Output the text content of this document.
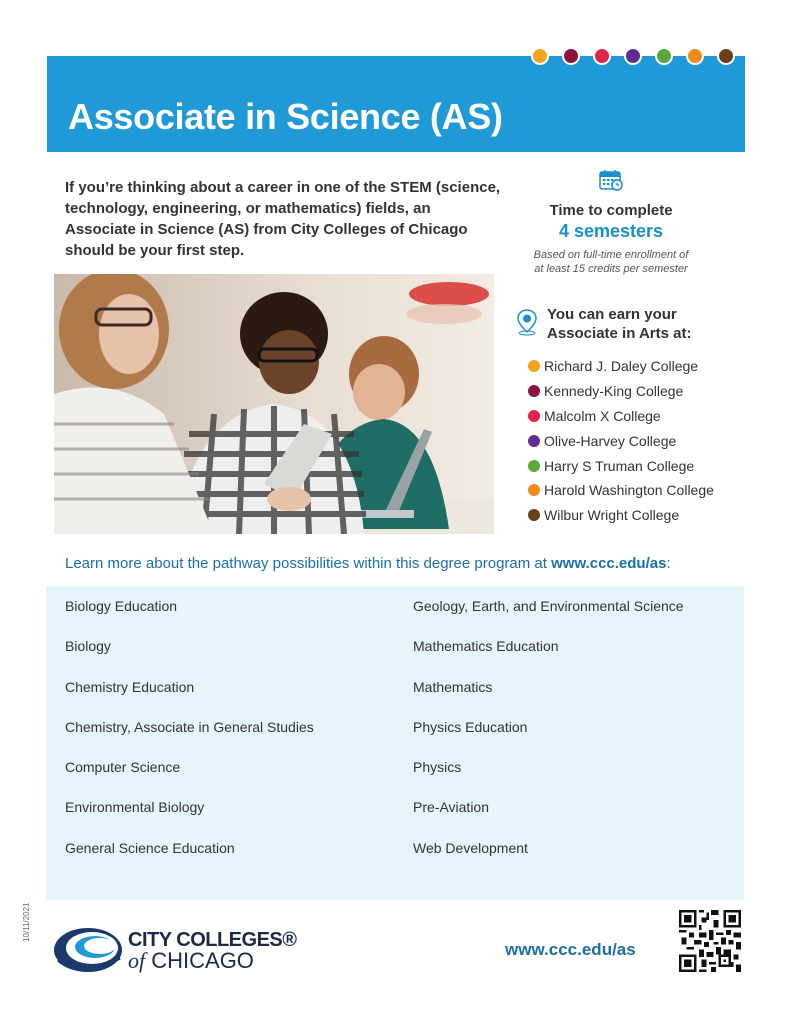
Associate in Science (AS)

If you’re thinking about a career in one of the STEM (science, technology, engineering, or mathematics) fields, an Associate in Science (AS) from City Colleges of Chicago should be your first step.

Time to complete
4 semesters
Based on full-time enrollment of
at least 15 credits per semester
You can earn your
Associate in Arts at:
Richard J. Daley College
Kennedy-King College
Malcolm X College
Olive-Harvey College
Harry S Truman College
Harold Washington College
Wilbur Wright College

Learn more about the pathway possibilities within this degree program at www.ccc.edu/as:

Biology Education
Biology
Chemistry Education
Chemistry, Associate in General Studies
Computer Science
Environmental Biology
General Science Education
Geology, Earth, and Environmental Science
Mathematics Education
Mathematics
Physics Education
Physics
Pre-Aviation
Web Development
10/11/2021	CITY COLLEGES®
of CHICAGO	www.ccc.edu/as
